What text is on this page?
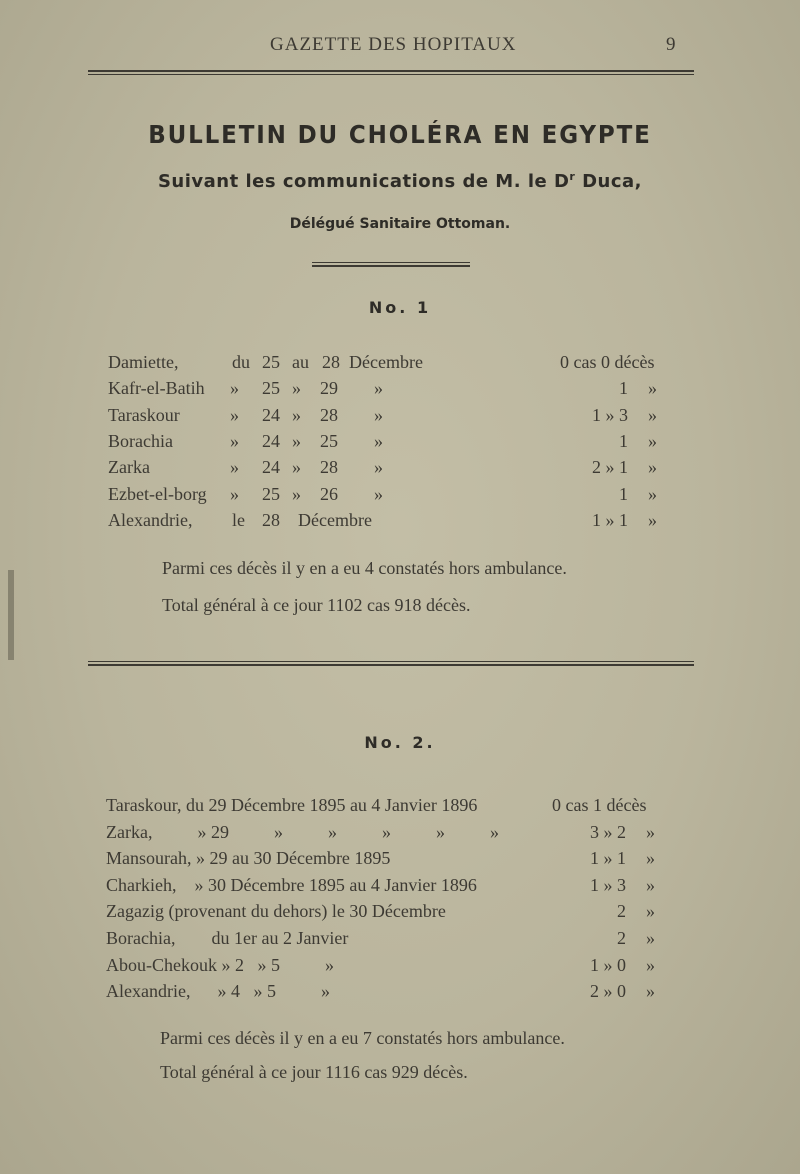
GAZETTE DES HOPITAUX	9
BULLETIN DU CHOLÉRA EN EGYPTE
Suivant les communications de M. le $D^r$ Duca,
Délégué Sanitaire Ottoman.
No. 1
Damiette,	du 25 au 28 Décembre	0 cas 0 décès
Kafr-el-Batih » 25 » 29 »	1 »
Taraskour	» 24 » 28 »	1 » 3 »
Borachia	» 24 » 25 »	1 »
Zarka	» 24 » 28 »	2 » 1 »
Ezbet-el-borg » 25 » 26 »	1 »
Alexandrie, le 28 Décembre	1 » 1 »
Parmi ces décès il y en a eu 4 constatés hors ambulance.
Total général à ce jour 1102 cas 918 décès.
No. 2.
Taraskour, du 29 Décembre 1895 au 4 Janvier 1896	0 cas 1 décès
Zarka,          » 29          »          »          »          »          »	3 » 2 »
Mansourah, » 29 au 30 Décembre 1895	1 » 1 »
Charkieh,    » 30 Décembre 1895 au 4 Janvier 1896	1 » 3 »
Zagazig (provenant du dehors) le 30 Décembre	2 »
Borachia,        du 1er au 2 Janvier	2 »
Abou-Chekouk » 2   » 5          »	1 » 0 »
Alexandrie,      » 4   » 5          »	2 » 0 »
Parmi ces décès il y en a eu 7 constatés hors ambulance.
Total général à ce jour 1116 cas 929 décès.
